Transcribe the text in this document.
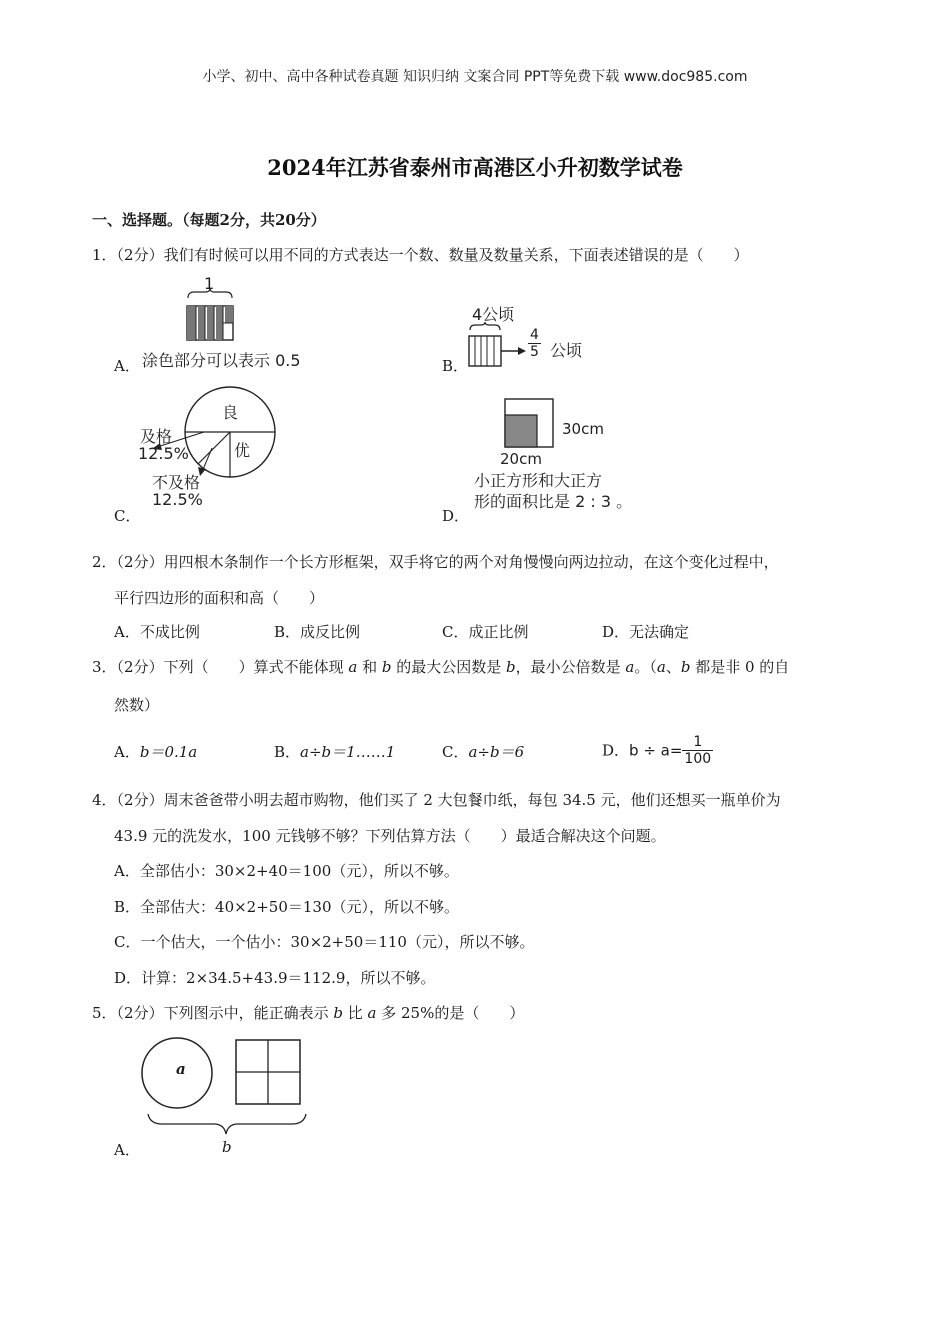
小学、初中、高中各种试卷真题 知识归纳 文案合同 PPT等免费下载 www.doc985.com
2024年江苏省泰州市高港区小升初数学试卷
一、选择题。（每题2分，共20分）
1．（2分）我们有时候可以用不同的方式表达一个数、数量及数量关系，下面表述错误的是（　　）
A．
1
涂色部分可以表示 0.5	B．
4公顷
$\frac{4}{5}$ 公顷
C．
良
优
及格
12.5%
不及格
12.5%
D．
30cm
20cm
小正方形和大正方
形的面积比是 2 : 3 。
2．（2分）用四根木条制作一个长方形框架，双手将它的两个对角慢慢向两边拉动，在这个变化过程中，
平行四边形的面积和高（　　）
A．不成比例	B．成反比例	C．成正比例	D．无法确定
3．（2分）下列（　　）算式不能体现 a 和 b 的最大公因数是 b，最小公倍数是 a。（a、b 都是非 0 的自
然数）
A．b＝0.1a	B．a÷b＝1……1	C．a÷b＝6	D．$b \div a= \frac{1}{100}$
4．（2分）周末爸爸带小明去超市购物，他们买了 2 大包餐巾纸，每包 34.5 元，他们还想买一瓶单价为
43.9 元的洗发水，100 元钱够不够？下列估算方法（　　）最适合解决这个问题。
A．全部估小：30×2+40＝100（元），所以不够。
B．全部估大：40×2+50＝130（元），所以不够。
C．一个估大，一个估小：30×2+50＝110（元），所以不够。
D．计算：2×34.5+43.9＝112.9，所以不够。
5．（2分）下列图示中，能正确表示 b 比 a 多 25%的是（　　）
A．
a
b
